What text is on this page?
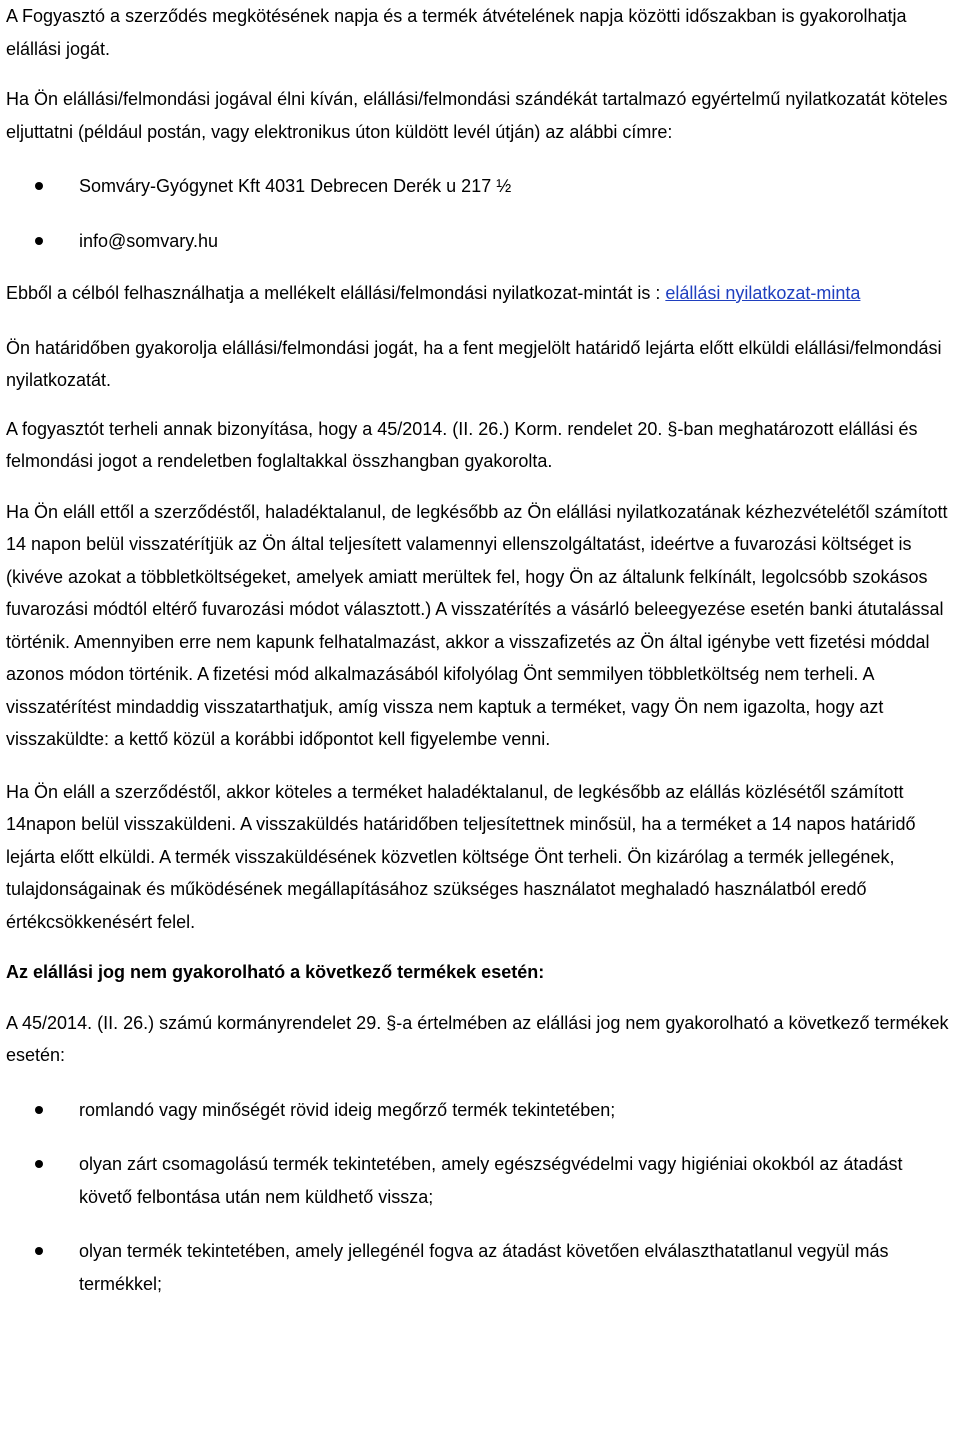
A Fogyasztó a szerződés megkötésének napja és a termék átvételének napja közötti időszakban is gyakorolhatja elállási jogát.

Ha Ön elállási/felmondási jogával élni kíván, elállási/felmondási szándékát tartalmazó egyértelmű nyilatkozatát köteles eljuttatni (például postán, vagy elektronikus úton küldött levél útján) az alábbi címre:

Somváry-Gyógynet Kft 4031 Debrecen Derék u 217 ½
info@somvary.hu

Ebből a célból felhasználhatja a mellékelt elállási/felmondási nyilatkozat-mintát is : elállási nyilatkozat-minta

Ön határidőben gyakorolja elállási/felmondási jogát, ha a fent megjelölt határidő lejárta előtt elküldi elállási/felmondási nyilatkozatát.

A fogyasztót terheli annak bizonyítása, hogy a 45/2014. (II. 26.) Korm. rendelet 20. §-ban meghatározott elállási és felmondási jogot a rendeletben foglaltakkal összhangban gyakorolta.

Ha Ön eláll ettől a szerződéstől, haladéktalanul, de legkésőbb az Ön elállási nyilatkozatának kézhezvételétől számított 14 napon belül visszatérítjük az Ön által teljesített valamennyi ellenszolgáltatást, ideértve a fuvarozási költséget is (kivéve azokat a többletköltségeket, amelyek amiatt merültek fel, hogy Ön az általunk felkínált, legolcsóbb szokásos fuvarozási módtól eltérő fuvarozási módot választott.) A visszatérítés a vásárló beleegyezése esetén banki átutalással történik. Amennyiben erre nem kapunk felhatalmazást, akkor a visszafizetés az Ön által igénybe vett fizetési móddal azonos módon történik. A fizetési mód alkalmazásából kifolyólag Önt semmilyen többletköltség nem terheli. A visszatérítést mindaddig visszatarthatjuk, amíg vissza nem kaptuk a terméket, vagy Ön nem igazolta, hogy azt visszaküldte: a kettő közül a korábbi időpontot kell figyelembe venni.

Ha Ön eláll a szerződéstől, akkor köteles a terméket haladéktalanul, de legkésőbb az elállás közlésétől számított 14napon belül visszaküldeni. A visszaküldés határidőben teljesítettnek minősül, ha a terméket a 14 napos határidő lejárta előtt elküldi. A termék visszaküldésének közvetlen költsége Önt terheli. Ön kizárólag a termék jellegének, tulajdonságainak és működésének megállapításához szükséges használatot meghaladó használatból eredő értékcsökkenésért felel.

Az elállási jog nem gyakorolható a következő termékek esetén:

A 45/2014. (II. 26.) számú kormányrendelet 29. §-a értelmében az elállási jog nem gyakorolható a következő termékek esetén:

romlandó vagy minőségét rövid ideig megőrző termék tekintetében;
olyan zárt csomagolású termék tekintetében, amely egészségvédelmi vagy higiéniai okokból az átadást követő felbontása után nem küldhető vissza;
olyan termék tekintetében, amely jellegénél fogva az átadást követően elválaszthatatlanul vegyül más termékkel;
